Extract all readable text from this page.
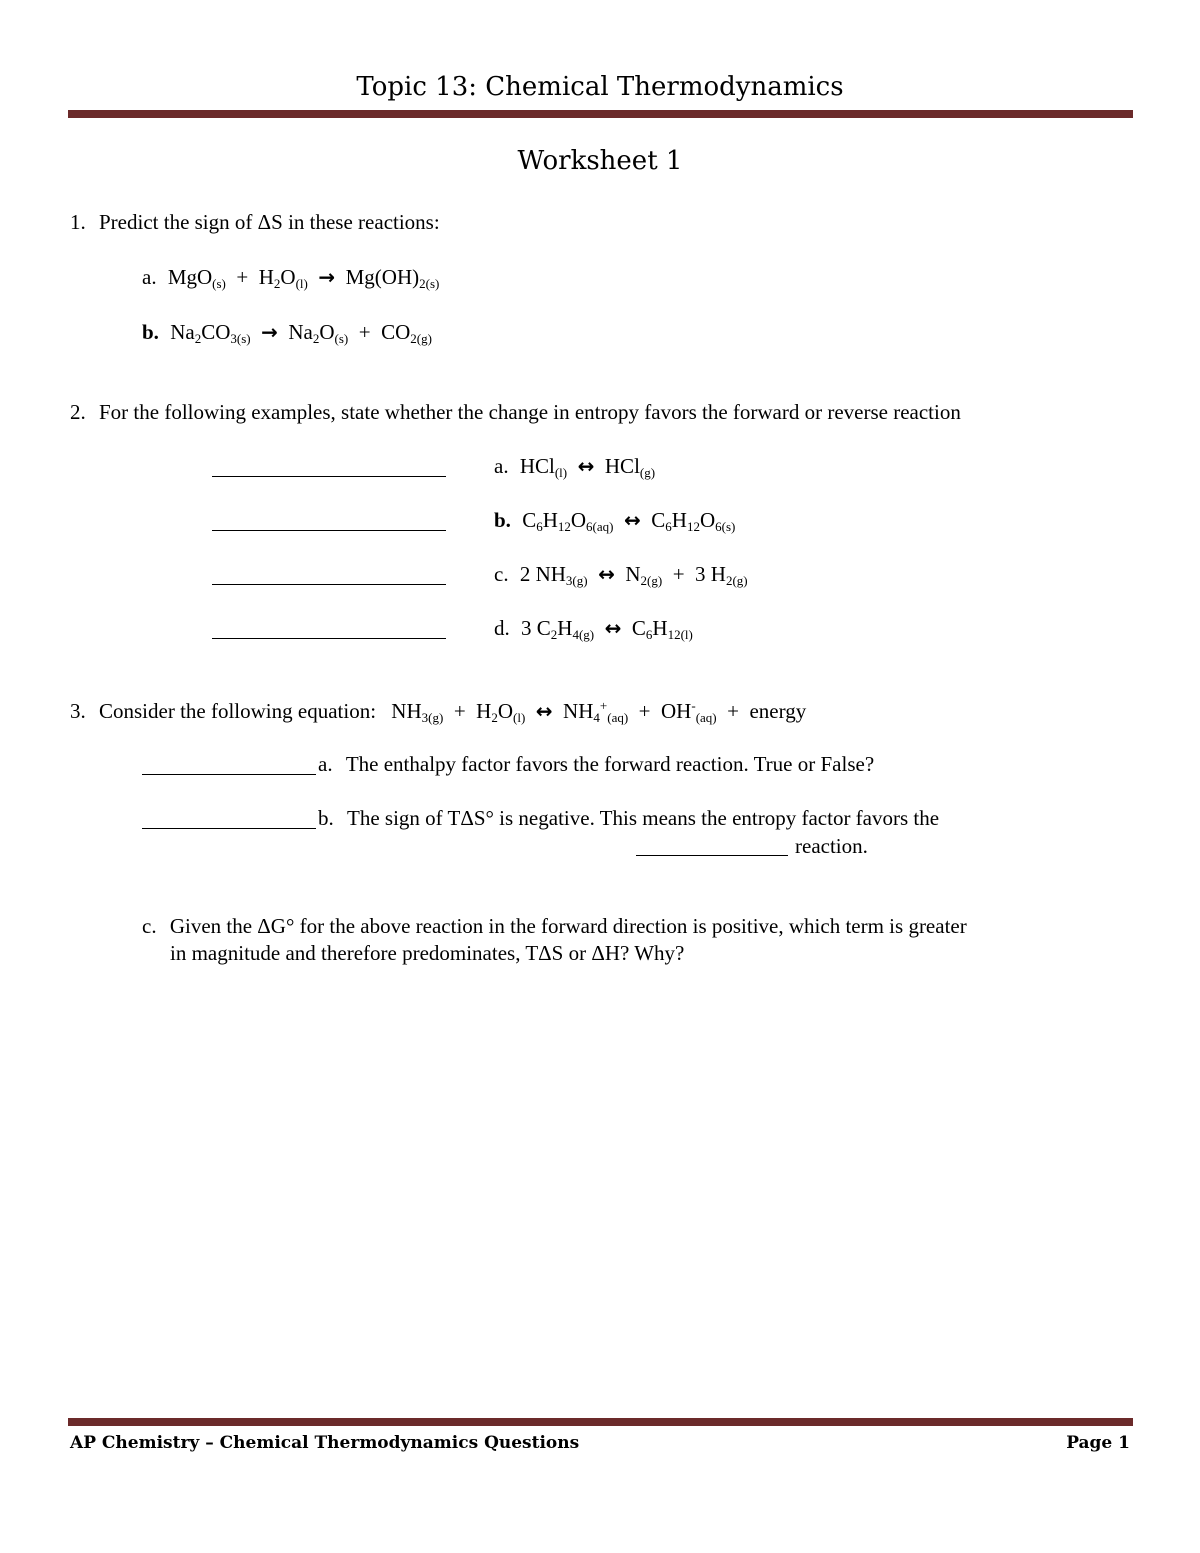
Topic 13: Chemical Thermodynamics
Worksheet 1
1. Predict the sign of ΔS in these reactions:
a. $MgO_{(s)} + H_2O_{(l)} \to Mg(OH)_{2(s)}$
b. $Na_2CO_{3(s)} \to Na_2O_{(s)} + CO_{2(g)}$
2. For the following examples, state whether the change in entropy favors the forward or reverse reaction
a. HCl$_{(l)}$ ↔  HCl$_{(g)}$
b. $C_6H_{12}O_{6(aq)}$ ↔  $C_6H_{12}O_{6(s)}$
c. 2 $NH_{3(g)}$ ↔  $N_{2(g)} + 3$ $H_{2(g)}$
d. 3 $C_2H_{4(g)}$ ↔  $C_6H_{12(l)}$
3. Consider the following equation: $NH_{3(g)} + H_2O_{(l)}$ ↔  $NH_4^+_{(aq)} + OH^-_{(aq)}$  +  energy
a. The enthalpy factor favors the forward reaction. True or False?
b. The sign of TΔS° is negative. This means the entropy factor favors the
reaction.
c. Given the ΔG° for the above reaction in the forward direction is positive, which term is greater
in magnitude and therefore predominates, TΔS or ΔH? Why?
AP Chemistry – Chemical Thermodynamics Questions	Page 1
